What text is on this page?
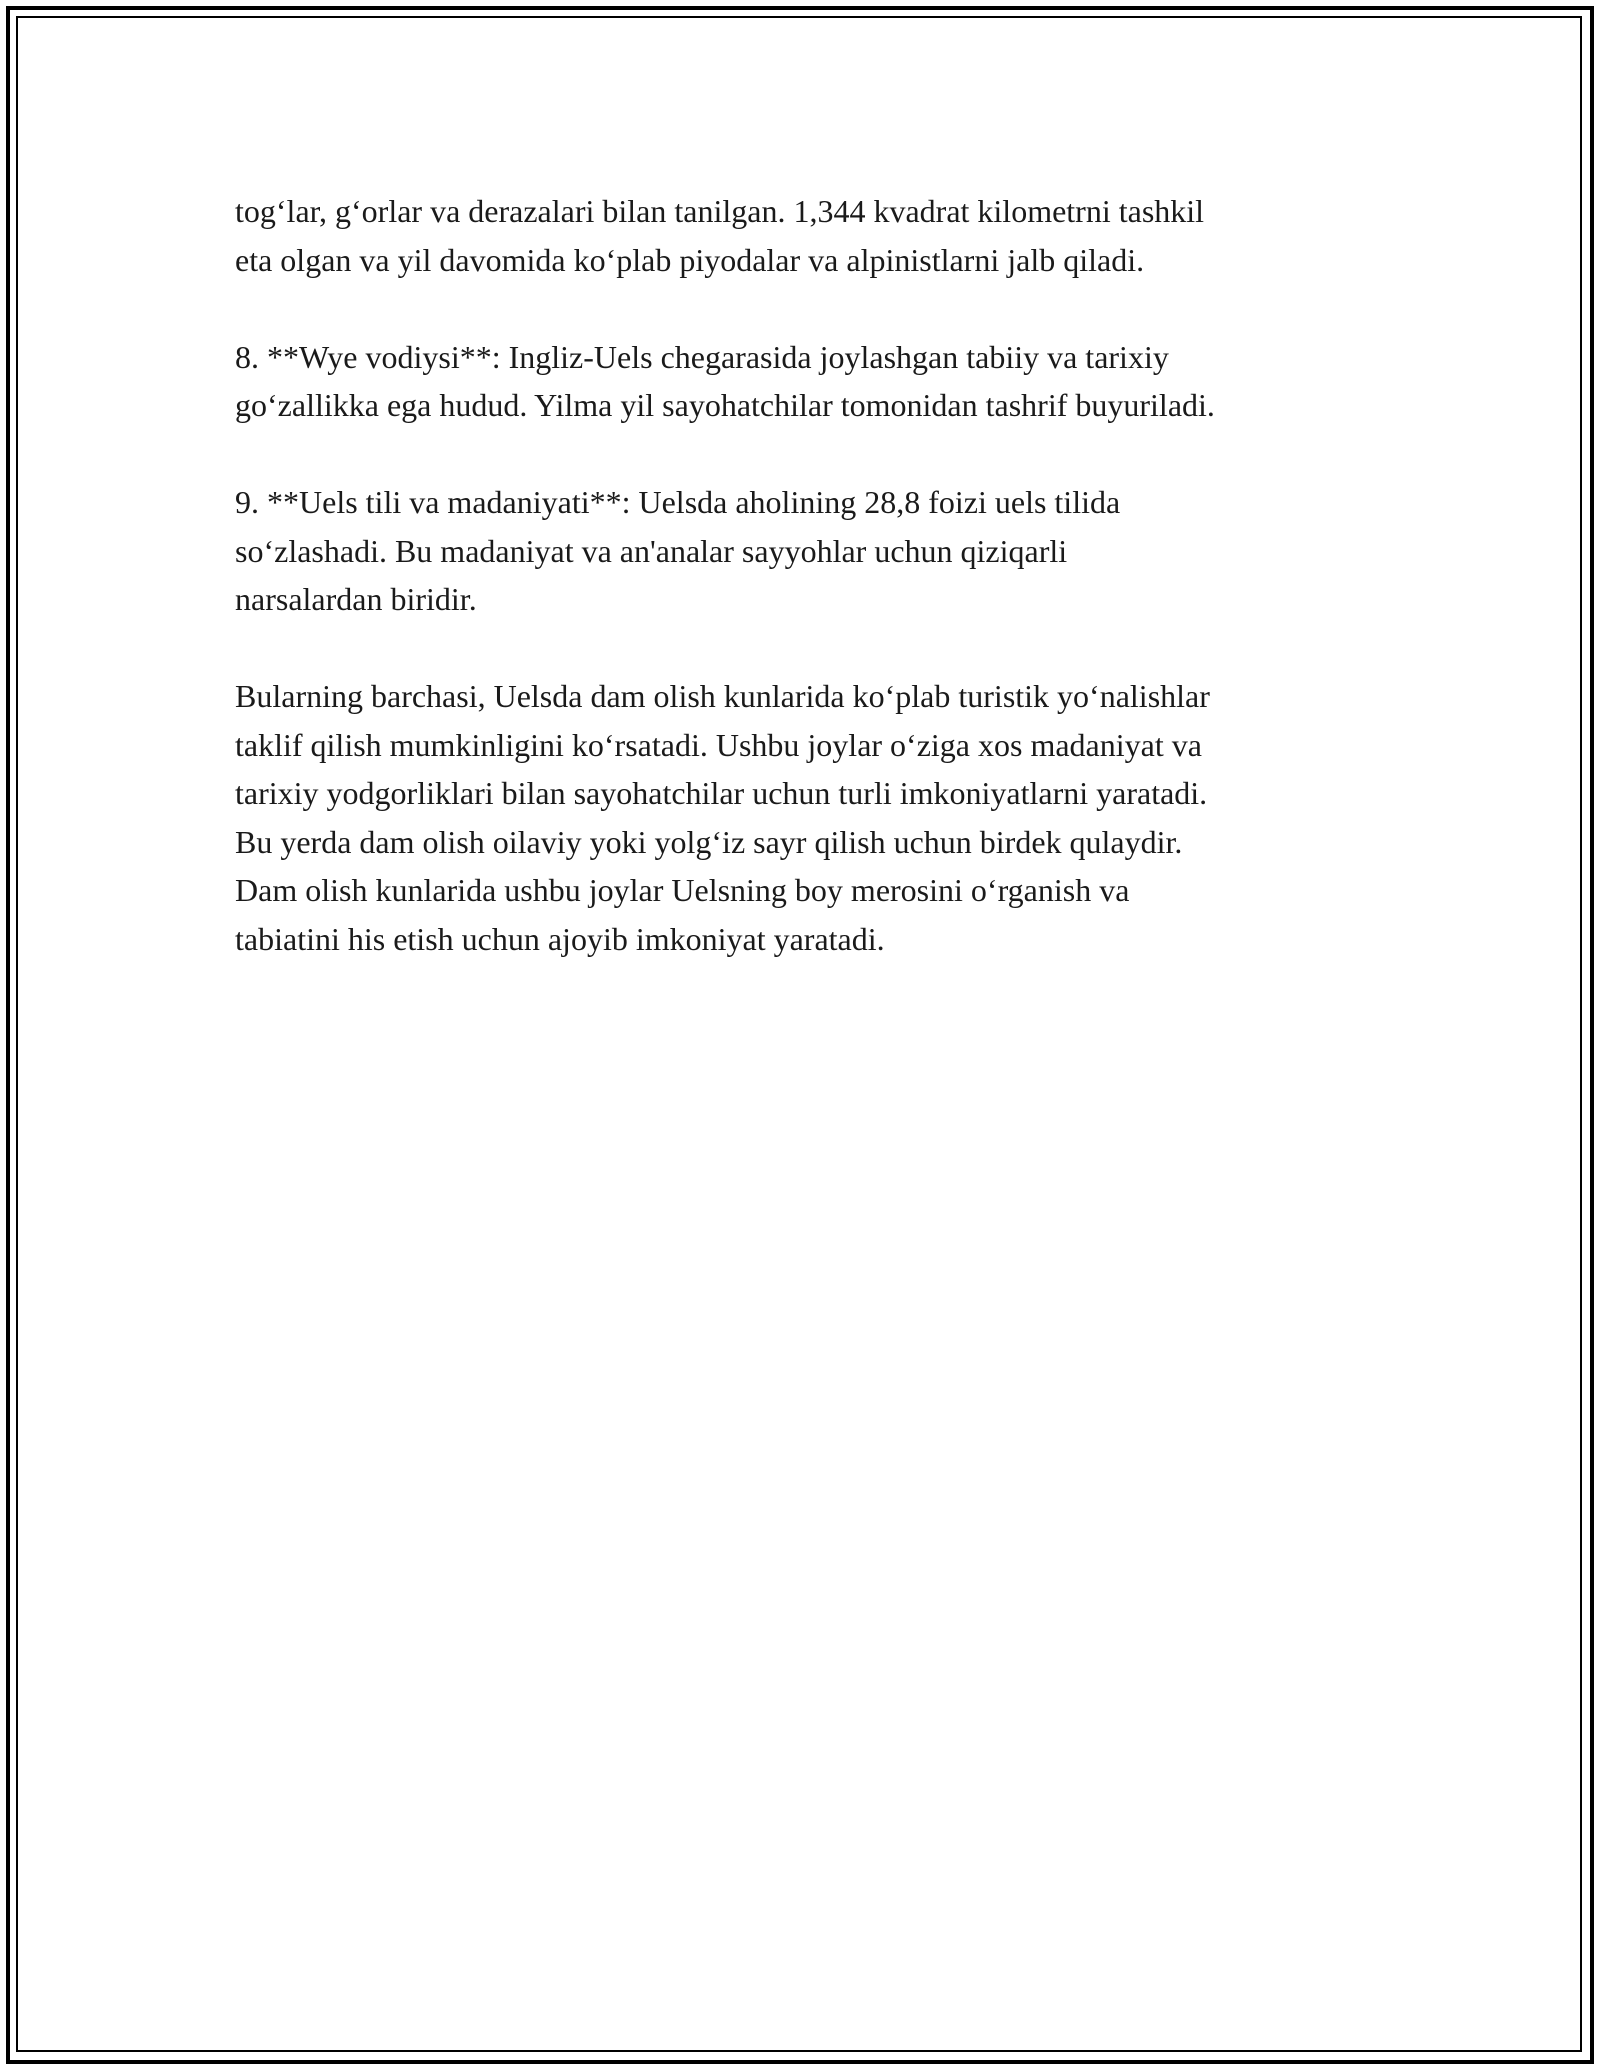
tog‘lar, g‘orlar va derazalari bilan tanilgan. 1,344 kvadrat kilometrni tashkil
eta olgan va yil davomida ko‘plab piyodalar va alpinistlarni jalb qiladi.

8. **Wye vodiysi**: Ingliz-Uels chegarasida joylashgan tabiiy va tarixiy
go‘zallikka ega hudud. Yilma yil sayohatchilar tomonidan tashrif buyuriladi.

9. **Uels tili va madaniyati**: Uelsda aholining 28,8 foizi uels tilida
so‘zlashadi. Bu madaniyat va an'analar sayyohlar uchun qiziqarli
narsalardan biridir.

Bularning barchasi, Uelsda dam olish kunlarida ko‘plab turistik yo‘nalishlar
taklif qilish mumkinligini ko‘rsatadi. Ushbu joylar o‘ziga xos madaniyat va
tarixiy yodgorliklari bilan sayohatchilar uchun turli imkoniyatlarni yaratadi.
Bu yerda dam olish oilaviy yoki yolg‘iz sayr qilish uchun birdek qulaydir.
Dam olish kunlarida ushbu joylar Uelsning boy merosini o‘rganish va
tabiatini his etish uchun ajoyib imkoniyat yaratadi.
